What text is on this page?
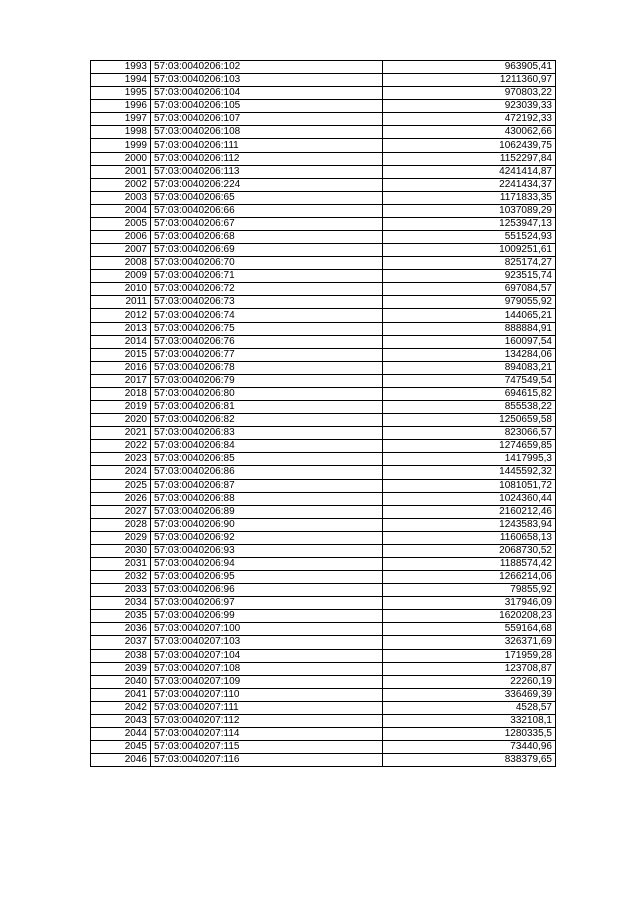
1993	57:03:0040206:102	963905,41
1994	57:03:0040206:103	1211360,97
1995	57:03:0040206:104	970803,22
1996	57:03:0040206:105	923039,33
1997	57:03:0040206:107	472192,33
1998	57:03:0040206:108	430062,66
1999	57:03:0040206:111	1062439,75
2000	57:03:0040206:112	1152297,84
2001	57:03:0040206:113	4241414,87
2002	57:03:0040206:224	2241434,37
2003	57:03:0040206:65	1171833,35
2004	57:03:0040206:66	1037089,29
2005	57:03:0040206:67	1253947,13
2006	57:03:0040206:68	551524,93
2007	57:03:0040206:69	1009251,61
2008	57:03:0040206:70	825174,27
2009	57:03:0040206:71	923515,74
2010	57:03:0040206:72	697084,57
2011	57:03:0040206:73	979055,92
2012	57:03:0040206:74	144065,21
2013	57:03:0040206:75	888884,91
2014	57:03:0040206:76	160097,54
2015	57:03:0040206:77	134284,06
2016	57:03:0040206:78	894083,21
2017	57:03:0040206:79	747549,54
2018	57:03:0040206:80	694615,82
2019	57:03:0040206:81	855538,22
2020	57:03:0040206:82	1250659,58
2021	57:03:0040206:83	823066,57
2022	57:03:0040206:84	1274659,85
2023	57:03:0040206:85	1417995,3
2024	57:03:0040206:86	1445592,32
2025	57:03:0040206:87	1081051,72
2026	57:03:0040206:88	1024360,44
2027	57:03:0040206:89	2160212,46
2028	57:03:0040206:90	1243583,94
2029	57:03:0040206:92	1160658,13
2030	57:03:0040206:93	2068730,52
2031	57:03:0040206:94	1188574,42
2032	57:03:0040206:95	1266214,06
2033	57:03:0040206:96	79855,92
2034	57:03:0040206:97	317946,09
2035	57:03:0040206:99	1620208,23
2036	57:03:0040207:100	559164,68
2037	57:03:0040207:103	326371,69
2038	57:03:0040207:104	171959,28
2039	57:03:0040207:108	123708,87
2040	57:03:0040207:109	22260,19
2041	57:03:0040207:110	336469,39
2042	57:03:0040207:111	4528,57
2043	57:03:0040207:112	332108,1
2044	57:03:0040207:114	1280335,5
2045	57:03:0040207:115	73440,96
2046	57:03:0040207:116	838379,65
